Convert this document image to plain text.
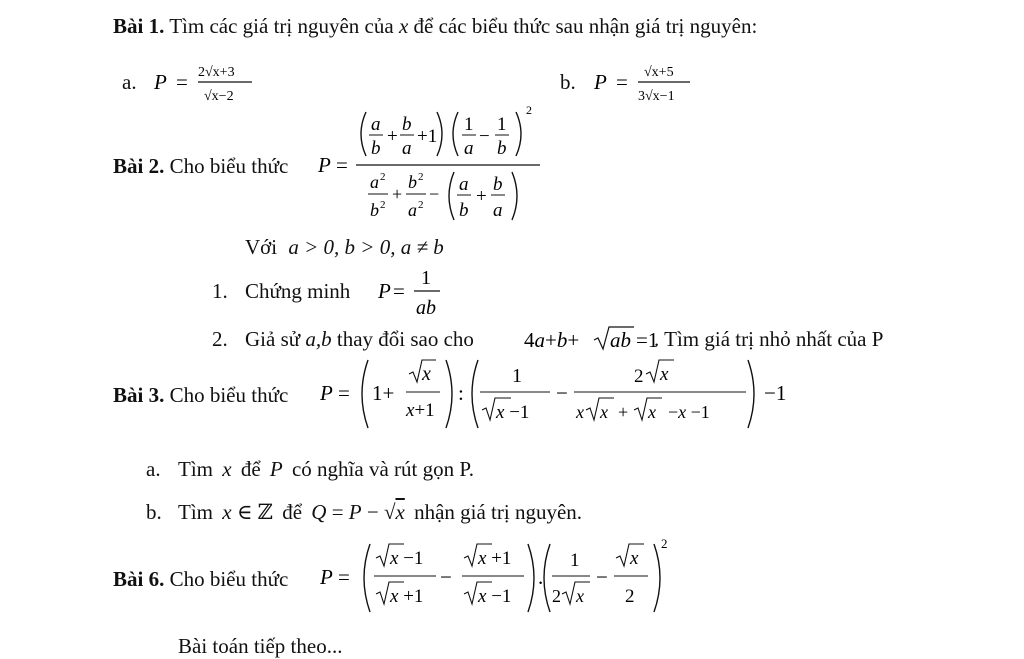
Bài 1. Tìm các giá trị nguyên của x để các biểu thức sau nhận giá trị nguyên:
a. P = 2√x+3
√x−2
b. P = √x+5
3√x−1
Bài 2. Cho biểu thức P =
a
b
+
b
a
+1
1
a
−
1
b
2
a 2
b 2
+
b 2
a 2
− a
b
+
b
a
Với a > 0, b > 0, a ≠ b
1. Chứng minh P =
1
ab
2. Giả sử a,b thay đổi sao cho 4a+b+ ab =1
. Tìm giá trị nhỏ nhất của P
Bài 3. Cho biểu thức P = 1+
x
x+1
:
1
x −1
−
2 x
x x + x −x −1
−1
a. Tìm x để P có nghĩa và rút gọn P.
b. Tìm x ∈ ℤ để Q = P − √x nhận giá trị nguyên.
Bài 6. Cho biểu thức P =
x −1
x +1
−
x +1
x −1
.
1
2 x
−
x
2
2
Bài toán tiếp theo...
